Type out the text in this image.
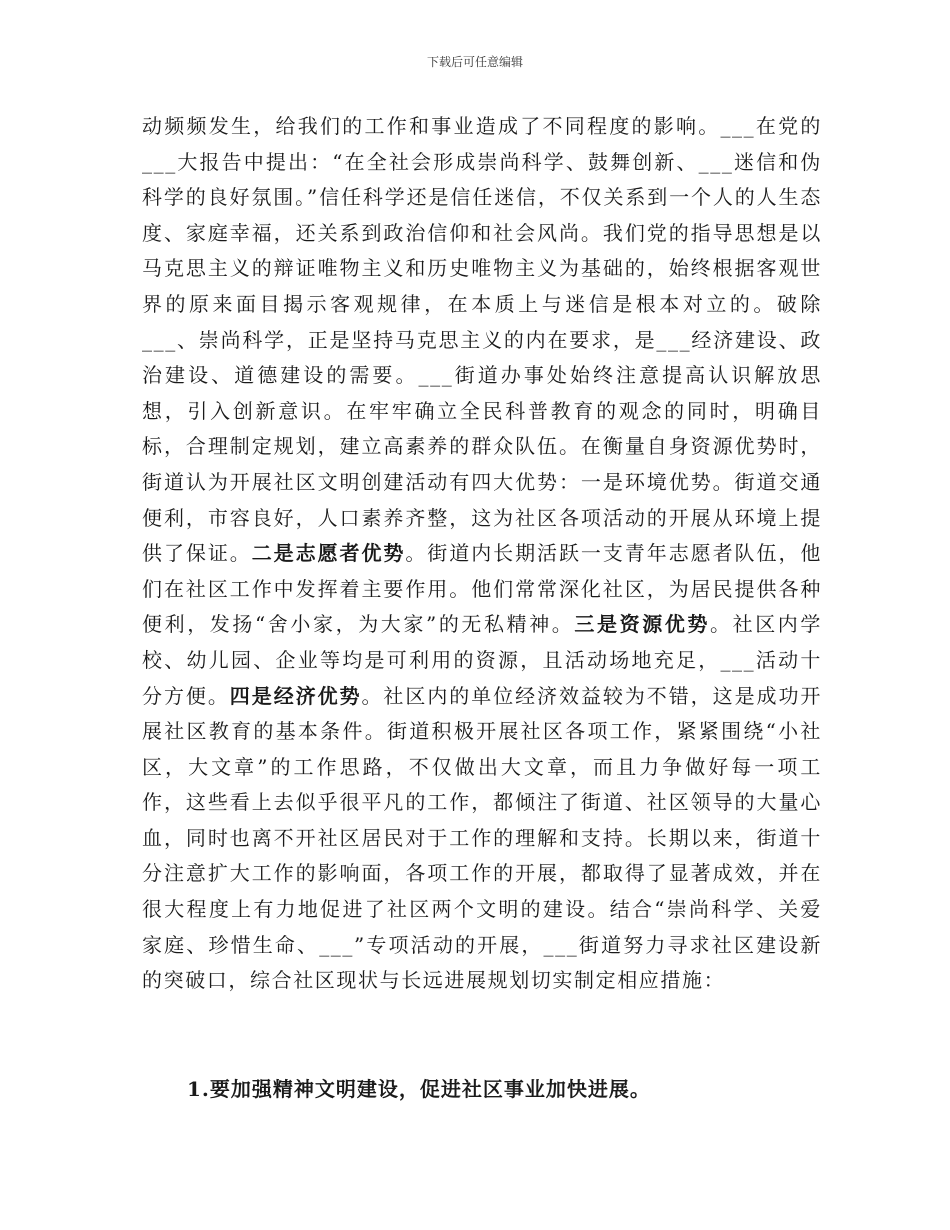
下载后可任意编辑

动频频发生，给我们的工作和事业造成了不同程度的影响。___在党的___大报告中提出：“在全社会形成崇尚科学、鼓舞创新、___迷信和伪科学的良好氛围。”信任科学还是信任迷信，不仅关系到一个人的人生态度、家庭幸福，还关系到政治信仰和社会风尚。我们党的指导思想是以马克思主义的辩证唯物主义和历史唯物主义为基础的，始终根据客观世界的原来面目揭示客观规律，在本质上与迷信是根本对立的。破除___、崇尚科学，正是坚持马克思主义的内在要求，是___经济建设、政治建设、道德建设的需要。___街道办事处始终注意提高认识解放思想，引入创新意识。在牢牢确立全民科普教育的观念的同时，明确目标，合理制定规划，建立高素养的群众队伍。在衡量自身资源优势时，街道认为开展社区文明创建活动有四大优势：一是环境优势。街道交通便利，市容良好，人口素养齐整，这为社区各项活动的开展从环境上提供了保证。二是志愿者优势。街道内长期活跃一支青年志愿者队伍，他们在社区工作中发挥着主要作用。他们常常深化社区，为居民提供各种便利，发扬“舍小家，为大家”的无私精神。三是资源优势。社区内学校、幼儿园、企业等均是可利用的资源，且活动场地充足，___活动十分方便。四是经济优势。社区内的单位经济效益较为不错，这是成功开展社区教育的基本条件。街道积极开展社区各项工作，紧紧围绕“小社区，大文章”的工作思路，不仅做出大文章，而且力争做好每一项工作，这些看上去似乎很平凡的工作，都倾注了街道、社区领导的大量心血，同时也离不开社区居民对于工作的理解和支持。长期以来，街道十分注意扩大工作的影响面，各项工作的开展，都取得了显著成效，并在很大程度上有力地促进了社区两个文明的建设。结合“崇尚科学、关爱家庭、珍惜生命、___”专项活动的开展，___街道努力寻求社区建设新的突破口，综合社区现状与长远进展规划切实制定相应措施：

1.要加强精神文明建设，促进社区事业加快进展。
